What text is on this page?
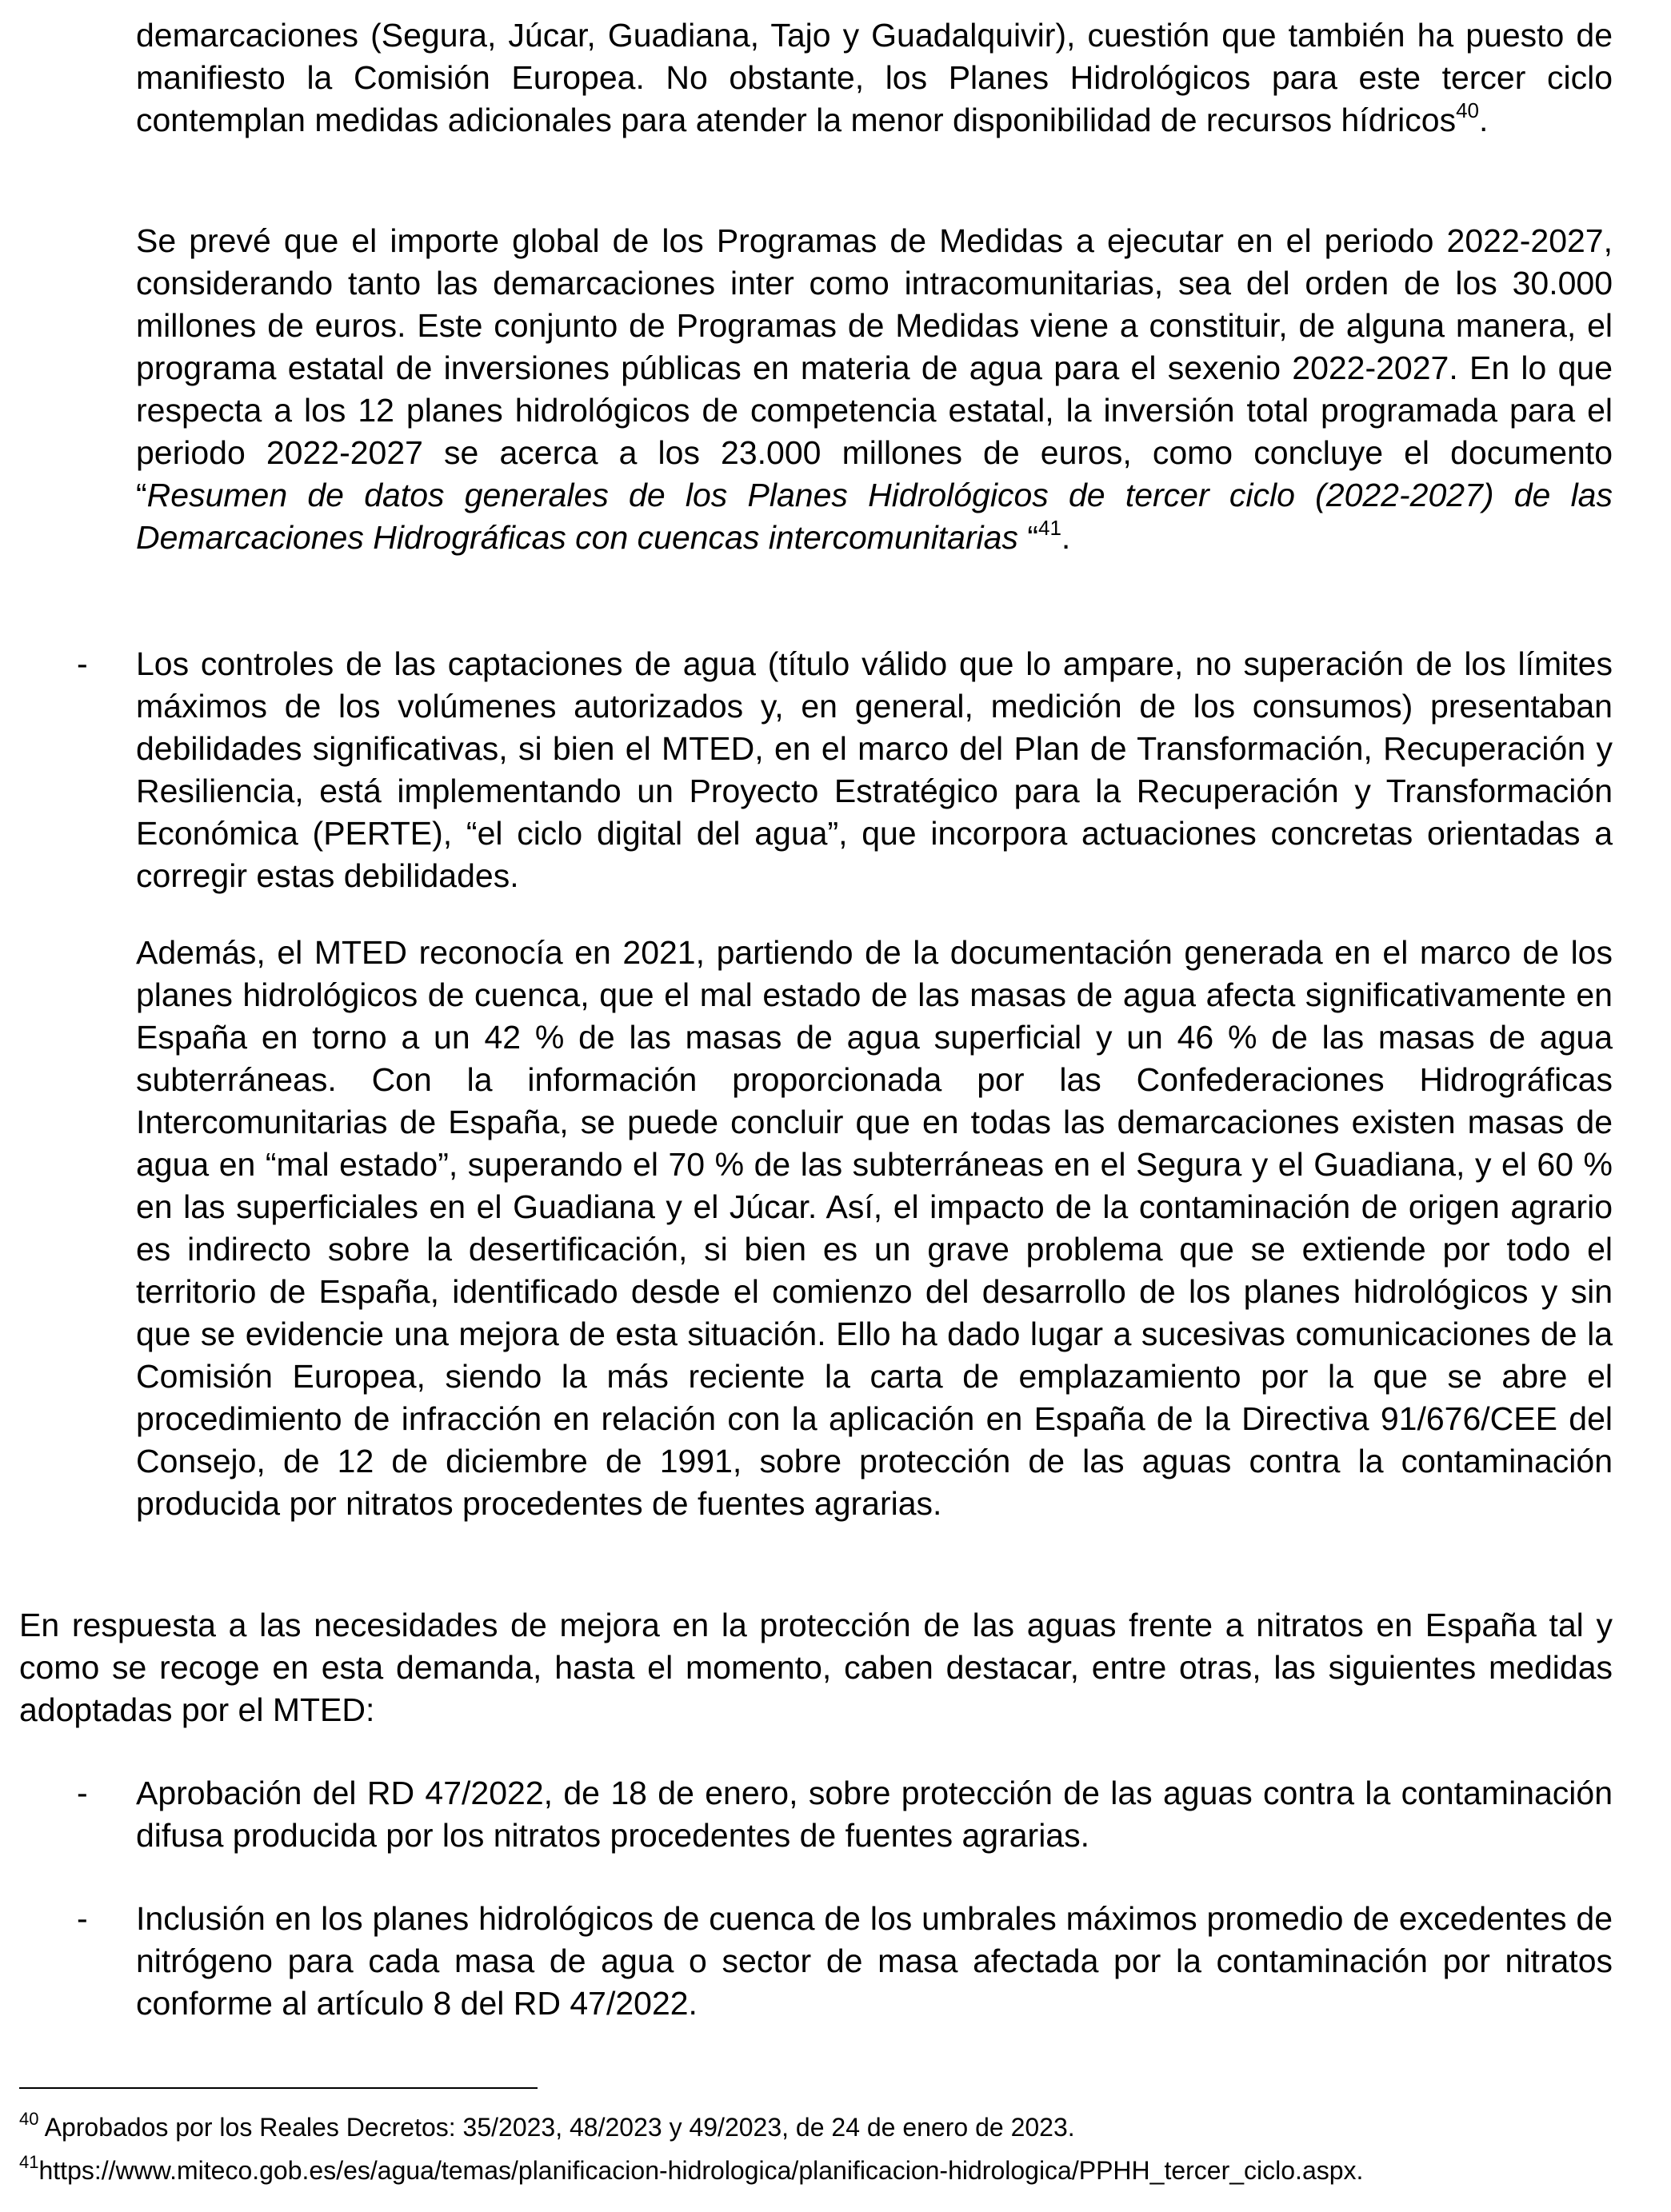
demarcaciones (Segura, Júcar, Guadiana, Tajo y Guadalquivir), cuestión que también ha puesto de manifiesto la Comisión Europea. No obstante, los Planes Hidrológicos para este tercer ciclo contemplan medidas adicionales para atender la menor disponibilidad de recursos hídricos$^{40}$.

Se prevé que el importe global de los Programas de Medidas a ejecutar en el periodo 2022-2027, considerando tanto las demarcaciones inter como intracomunitarias, sea del orden de los 30.000 millones de euros. Este conjunto de Programas de Medidas viene a constituir, de alguna manera, el programa estatal de inversiones públicas en materia de agua para el sexenio 2022-2027. En lo que respecta a los 12 planes hidrológicos de competencia estatal, la inversión total programada para el periodo 2022-2027 se acerca a los 23.000 millones de euros, como concluye el documento “Resumen de datos generales de los Planes Hidrológicos de tercer ciclo (2022-2027) de las Demarcaciones Hidrográficas con cuencas intercomunitarias “$^{41}$.

- Los controles de las captaciones de agua (título válido que lo ampare, no superación de los límites máximos de los volúmenes autorizados y, en general, medición de los consumos) presentaban debilidades significativas, si bien el MTED, en el marco del Plan de Transformación, Recuperación y Resiliencia, está implementando un Proyecto Estratégico para la Recuperación y Transformación Económica (PERTE), “el ciclo digital del agua”, que incorpora actuaciones concretas orientadas a corregir estas debilidades.

Además, el MTED reconocía en 2021, partiendo de la documentación generada en el marco de los planes hidrológicos de cuenca, que el mal estado de las masas de agua afecta significativamente en España en torno a un 42 % de las masas de agua superficial y un 46 % de las masas de agua subterráneas. Con la información proporcionada por las Confederaciones Hidrográficas Intercomunitarias de España, se puede concluir que en todas las demarcaciones existen masas de agua en “mal estado”, superando el 70 % de las subterráneas en el Segura y el Guadiana, y el 60 % en las superficiales en el Guadiana y el Júcar. Así, el impacto de la contaminación de origen agrario es indirecto sobre la desertificación, si bien es un grave problema que se extiende por todo el territorio de España, identificado desde el comienzo del desarrollo de los planes hidrológicos y sin que se evidencie una mejora de esta situación. Ello ha dado lugar a sucesivas comunicaciones de la Comisión Europea, siendo la más reciente la carta de emplazamiento por la que se abre el procedimiento de infracción en relación con la aplicación en España de la Directiva 91/676/CEE del Consejo, de 12 de diciembre de 1991, sobre protección de las aguas contra la contaminación producida por nitratos procedentes de fuentes agrarias.

En respuesta a las necesidades de mejora en la protección de las aguas frente a nitratos en España tal y como se recoge en esta demanda, hasta el momento, caben destacar, entre otras, las siguientes medidas adoptadas por el MTED:

- Aprobación del RD 47/2022, de 18 de enero, sobre protección de las aguas contra la contaminación difusa producida por los nitratos procedentes de fuentes agrarias.

- Inclusión en los planes hidrológicos de cuenca de los umbrales máximos promedio de excedentes de nitrógeno para cada masa de agua o sector de masa afectada por la contaminación por nitratos conforme al artículo 8 del RD 47/2022.

$^{40}$ Aprobados por los Reales Decretos: 35/2023, 48/2023 y 49/2023, de 24 de enero de 2023.
$^{41}$https://www.miteco.gob.es/es/agua/temas/planificacion-hidrologica/planificacion-hidrologica/PPHH_tercer_ciclo.aspx.
